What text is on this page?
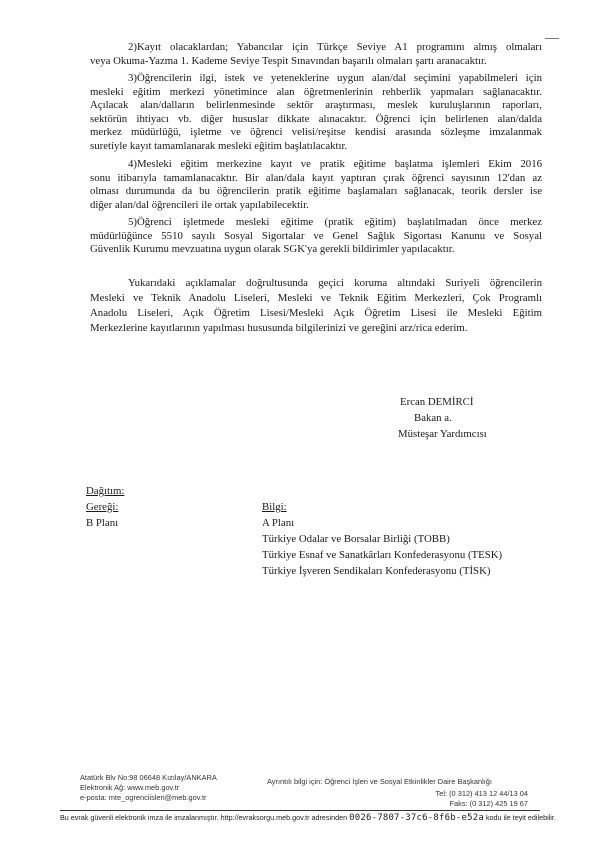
2)Kayıt olacaklardan; Yabancılar için Türkçe Seviye A1 programını almış olmaları
veya Okuma-Yazma 1. Kademe Seviye Tespit Sınavından başarılı olmaları şartı aranacaktır.
3)Öğrencilerin ilgi, istek ve yeteneklerine uygun alan/dal seçimini yapabilmeleri için
mesleki eğitim merkezi yönetimince alan öğretmenlerinin rehberlik yapmaları sağlanacaktır.
Açılacak alan/dalların belirlenmesinde sektör araştırması, meslek kuruluşlarının raporları,
sektörün ihtiyacı vb. diğer hususlar dikkate alınacaktır. Öğrenci için belirlenen alan/dalda
merkez müdürlüğü, işletme ve öğrenci velisi/reşitse kendisi arasında sözleşme imzalanmak
suretiyle kayıt tamamlanarak mesleki eğitim başlatılacaktır.
4)Mesleki eğitim merkezine kayıt ve pratik eğitime başlatma işlemleri Ekim 2016
sonu itibarıyla tamamlanacaktır. Bir alan/dala kayıt yaptıran çırak öğrenci sayısının 12'dan az
olması durumunda da bu öğrencilerin pratik eğitime başlamaları sağlanacak, teorik dersler ise
diğer alan/dal öğrencileri ile ortak yapılabilecektir.
5)Öğrenci işletmede mesleki eğitime (pratik eğitim) başlatılmadan önce merkez
müdürlüğünce 5510 sayılı Sosyal Sigortalar ve Genel Sağlık Sigortası Kanunu ve Sosyal
Güvenlik Kurumu mevzuatına uygun olarak SGK'ya gerekli bildirimler yapılacaktır.
Yukarıdaki açıklamalar doğrultusunda geçici koruma altındaki Suriyeli öğrencilerin
Mesleki ve Teknik Anadolu Liseleri, Mesleki ve Teknik Eğitim Merkezleri, Çok Programlı
Anadolu Liseleri, Açık Öğretim Lisesi/Mesleki Açık Öğretim Lisesi ile Mesleki Eğitim
Merkezlerine kayıtlarının yapılması hususunda bilgilerinizi ve gereğini arz/rica ederim.
Ercan DEMİRCİ
Bakan a.
Müsteşar Yardımcısı
Dağıtım:
Gereği:
B Planı
Bilgi:
A Planı
Türkiye Odalar ve Borsalar Birliği (TOBB)
Türkiye Esnaf ve Sanatkârları Konfederasyonu (TESK)
Türkiye İşveren Sendikaları Konfederasyonu (TİSK)
Atatürk Blv No:98 06648 Kızılay/ANKARA
Elektronik Ağ: www.meb.gov.tr
e-posta: mte_ogrenciisleri@meb.gov.tr
Ayrıntılı bilgi için: Öğrenci İşleri ve Sosyal Etkinlikler Daire Başkanlığı
Tel: (0 312) 413 12 44/13 04
Faks: (0 312) 425 19 67
Bu evrak güvenli elektronik imza ile imzalanmıştır. http://evraksorgu.meb.gov.tr adresinden 0026-7807-37c6-8f6b-e52a kodu ile teyit edilebilir.
